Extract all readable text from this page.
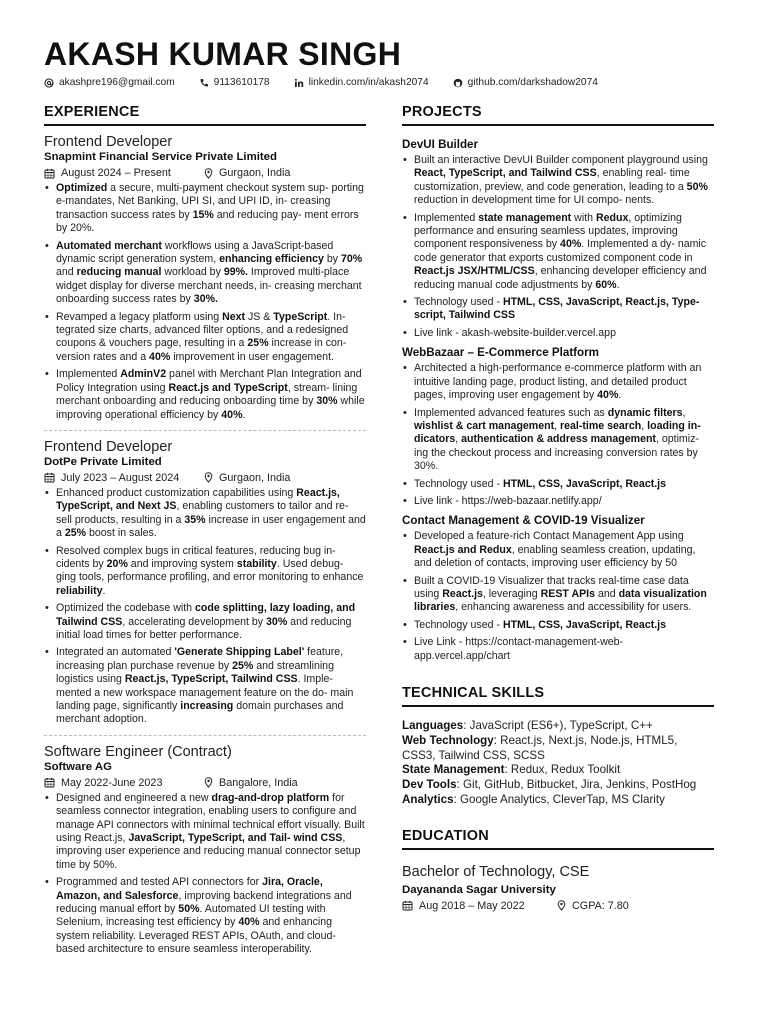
AKASH KUMAR SINGH
akashpre196@gmail.com	9113610178	linkedin.com/in/akash2074	github.com/darkshadow2074
EXPERIENCE
Frontend Developer
Snapmint Financial Service Private Limited
August 2024 – Present	Gurgaon, India
• Optimized a secure, multi-payment checkout system sup- porting e-mandates, Net Banking, UPI SI, and UPI ID, in- creasing transaction success rates by 15% and reducing pay- ment errors by 20%.
• Automated merchant workflows using a JavaScript-based dynamic script generation system, enhancing efficiency by 70% and reducing manual workload by 99%. Improved multi-place widget display for diverse merchant needs, in- creasing merchant onboarding success rates by 30%.
• Revamped a legacy platform using Next JS & TypeScript. In- tegrated size charts, advanced filter options, and a redesigned coupons & vouchers page, resulting in a 25% increase in con- version rates and a 40% improvement in user engagement.
• Implemented AdminV2 panel with Merchant Plan Integration and Policy Integration using React.js and TypeScript, stream- lining merchant onboarding and reducing onboarding time by 30% while improving operational efficiency by 40%.
Frontend Developer
DotPe Private Limited
July 2023 – August 2024	Gurgaon, India
• Enhanced product customization capabilities using React.js, TypeScript, and Next JS, enabling customers to tailor and re- sell products, resulting in a 35% increase in user engagement and a 25% boost in sales.
• Resolved complex bugs in critical features, reducing bug in- cidents by 20% and improving system stability. Used debug- ging tools, performance profiling, and error monitoring to enhance reliability.
• Optimized the codebase with code splitting, lazy loading, and Tailwind CSS, accelerating development by 30% and reducing initial load times for better performance.
• Integrated an automated 'Generate Shipping Label' feature, increasing plan purchase revenue by 25% and streamlining logistics using React.js, TypeScript, Tailwind CSS. Imple- mented a new workspace management feature on the do- main landing page, significantly increasing domain purchases and merchant adoption.
Software Engineer (Contract)
Software AG
May 2022-June 2023	Bangalore, India
• Designed and engineered a new drag-and-drop platform for seamless connector integration, enabling users to configure and manage API connectors with minimal technical effort visually. Built using React.js, JavaScript, TypeScript, and Tail- wind CSS, improving user experience and reducing manual connector setup time by 50%.
• Programmed and tested API connectors for Jira, Oracle, Amazon, and Salesforce, improving backend integrations and reducing manual effort by 50%. Automated UI testing with Selenium, increasing test efficiency by 40% and enhancing system reliability. Leveraged REST APIs, OAuth, and cloud- based architecture to ensure seamless interoperability.
PROJECTS
DevUI Builder
• Built an interactive DevUI Builder component playground using React, TypeScript, and Tailwind CSS, enabling real- time customization, preview, and code generation, leading to a 50% reduction in development time for UI compo- nents.
• Implemented state management with Redux, optimizing performance and ensuring seamless updates, improving component responsiveness by 40%. Implemented a dy- namic code generator that exports customized component code in React.js JSX/HTML/CSS, enhancing developer efficiency and reducing manual code adjustments by 60%.
• Technology used - HTML, CSS, JavaScript, React.js, Type- script, Tailwind CSS
• Live link - akash-website-builder.vercel.app
WebBazaar – E-Commerce Platform
• Architected a high-performance e-commerce platform with an intuitive landing page, product listing, and detailed product pages, improving user engagement by 40%.
• Implemented advanced features such as dynamic filters, wishlist & cart management, real-time search, loading in- dicators, authentication & address management, optimiz- ing the checkout process and increasing conversion rates by 30%.
• Technology used - HTML, CSS, JavaScript, React.js
• Live link - https://web-bazaar.netlify.app/
Contact Management & COVID-19 Visualizer
• Developed a feature-rich Contact Management App using React.js and Redux, enabling seamless creation, updating, and deletion of contacts, improving user efficiency by 50
• Built a COVID-19 Visualizer that tracks real-time case data using React.js, leveraging REST APIs and data visualization libraries, enhancing awareness and accessibility for users.
• Technology used - HTML, CSS, JavaScript, React.js
• Live Link - https://contact-management-web-app.vercel.app/chart
TECHNICAL SKILLS
Languages: JavaScript (ES6+), TypeScript, C++
Web Technology: React.js, Next.js, Node.js, HTML5, CSS3, Tailwind CSS, SCSS
State Management: Redux, Redux Toolkit
Dev Tools: Git, GitHub, Bitbucket, Jira, Jenkins, PostHog
Analytics: Google Analytics, CleverTap, MS Clarity
EDUCATION
Bachelor of Technology, CSE
Dayananda Sagar University
Aug 2018 – May 2022	CGPA: 7.80
